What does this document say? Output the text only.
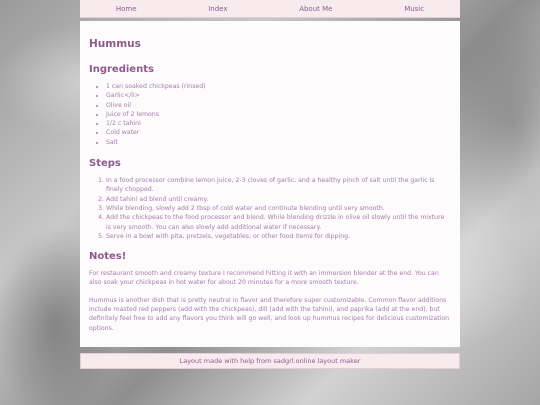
Home	Index	About Me	Music
Hummus
Ingredients
• 1 can soaked chickpeas (rinsed)
• Garlic</li>
• Olive oil
• Juice of 2 lemons
• 1/2 c tahini
• Cold water
• Salt
Steps
1. In a food processor combine lemon juice, 2-3 cloves of garlic, and a healthy pinch of salt until the garlic is finely chopped.
2. Add tahini ad blend until creamy.
3. While blending, slowly add 2 tbsp of cold water and continute blending until very smooth.
4. Add the chickpeas to the food processor and blend. While blending drizzle in olive oil slowly until the mixture is very smooth. You can also slowly add additional water if necessary.
5. Serve in a bowl with pita, pretzels, vegetables, or other food items for dipping.
Notes!

For restaurant smooth and creamy texture I recommend hitting it with an immersion blender at the end. You can also soak your chickpeas in hot water for about 20 minutes for a more smooth texture.

Hummus is another dish that is pretty neutral in flavor and therefore super customizable. Common flavor additions include roasted red peppers (add with the chickpeas), dill (add with the tahini), and paprika (add at the end), but definitely feel free to add any flavors you think will go well, and look up hummus recipes for delicious customization options.

Layout made with help from sadgrl.online layout maker
